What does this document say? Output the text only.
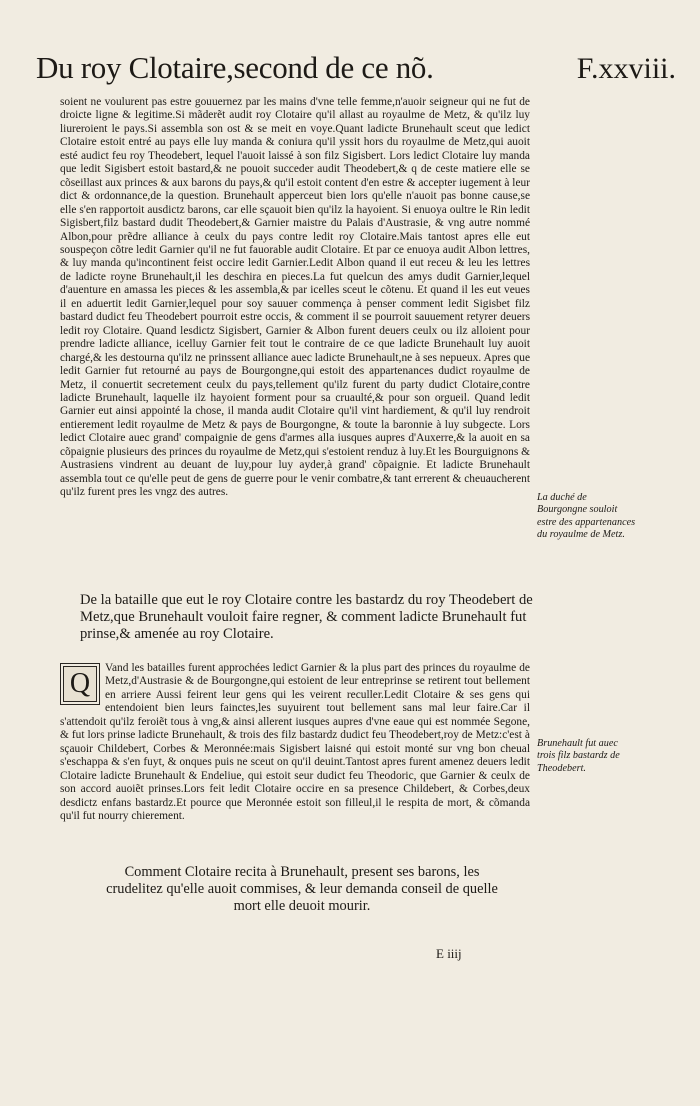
Du roy Clotaire,second de ce nõ.	F.xxviii.

soient ne voulurent pas estre gouuernez par les mains d'vne telle femme,n'auoir seigneur qui ne fut de droicte ligne & legitime.Si mãderẽt audit roy Clotaire qu'il allast au royaulme de Metz, & qu'ilz luy liureroient le pays.Si assembla son ost & se meit en voye.Quant ladicte Brunehault sceut que ledict Clotaire estoit entré au pays elle luy manda & coniura qu'il yssit hors du royaulme de Metz,qui auoit esté audict feu roy Theodebert, lequel l'auoit laissé à son filz Sigisbert. Lors ledict Clotaire luy manda que ledit Sigisbert estoit bastard,& ne pouoit succeder audit Theodebert,& q de ceste matiere elle se cõseillast aux princes & aux barons du pays,& qu'il estoit content d'en estre & accepter iugement à leur dict & ordonnance,de la question. Brunehault apperceut bien lors qu'elle n'auoit pas bonne cause,se elle s'en rapportoit ausdictz barons, car elle sçauoit bien qu'ilz la hayoient. Si enuoya oultre le Rin ledit Sigisbert,filz bastard dudit Theodebert,& Garnier maistre du Palais d'Austrasie, & vng autre nommé Albon,pour prẽdre alliance à ceulx du pays contre ledit roy Clotaire.Mais tantost apres elle eut souspeçon cõtre ledit Garnier qu'il ne fut fauorable audit Clotaire. Et par ce enuoya audit Albon lettres, & luy manda qu'incontinent feist occire ledit Garnier.Ledit Albon quand il eut receu & leu les lettres de ladicte royne Brunehault,il les deschira en pieces.La fut quelcun des amys dudit Garnier,lequel d'auenture en amassa les pieces & les assembla,& par icelles sceut le cõtenu. Et quand il les eut veues il en aduertit ledit Garnier,lequel pour soy sauuer commença à penser comment ledit Sigisbet filz bastard dudict feu Theodebert pourroit estre occis, & comment il se pourroit sauuement retyrer deuers ledit roy Clotaire. Quand lesdictz Sigisbert, Garnier & Albon furent deuers ceulx ou ilz alloient pour prendre ladicte alliance, icelluy Garnier feit tout le contraire de ce que ladicte Brunehault luy auoit chargé,& les destourna qu'ilz ne prinssent alliance auec ladicte Brunehault,ne à ses nepueux. Apres que ledit Garnier fut retourné au pays de Bourgongne,qui estoit des appartenances dudict royaulme de Metz, il conuertit secretement ceulx du pays,tellement qu'ilz furent du party dudict Clotaire,contre ladicte Brunehault, laquelle ilz hayoient forment pour sa cruaulté,& pour son orgueil. Quand ledit Garnier eut ainsi appointé la chose, il manda audit Clotaire qu'il vint hardiement, & qu'il luy rendroit entierement ledit royaulme de Metz & pays de Bourgongne, & toute la baronnie à luy subgecte. Lors ledict Clotaire auec grand' compaignie de gens d'armes alla iusques aupres d'Auxerre,& la auoit en sa cõpaignie plusieurs des princes du royaulme de Metz,qui s'estoient renduz à luy.Et les Bourguignons & Austrasiens vindrent au deuant de luy,pour luy ayder,à grand' cõpaignie. Et ladicte Brunehault assembla tout ce qu'elle peut de gens de guerre pour le venir combatre,& tant errerent & cheuaucherent qu'ilz furent pres les vngz des autres.	La duché de Bourgongne souloit estre des appartenances du royaulme de Metz.

De la bataille que eut le roy Clotaire contre les bastardz du roy Theodebert de Metz,que Brunehault vouloit faire regner, & comment ladicte Brunehault fut prinse,& amenée au roy Clotaire.

Q	Vand les batailles furent approchées ledict Garnier & la plus part des princes du royaulme de Metz,d'Austrasie & de Bourgongne,qui estoient de leur entreprinse se retirent tout bellement en arriere Aussi feirent leur gens qui les veirent reculler.Ledit Clotaire & ses gens qui entendoient bien leurs fainctes,les suyuirent tout bellement sans mal leur faire.Car il s'attendoit qu'ilz feroiẽt tous à vng,& ainsi allerent iusques aupres d'vne eaue qui est nommée Segone, & fut lors prinse ladicte Brunehault, & trois des filz bastardz dudict feu Theodebert,roy de Metz:c'est à sçauoir Childebert, Corbes & Meronnée:mais Sigisbert laisné qui estoit monté sur vng bon cheual s'eschappa & s'en fuyt, & onques puis ne sceut on qu'il deuint.Tantost apres furent amenez deuers ledit Clotaire ladicte Brunehault & Endeliue, qui estoit seur dudict feu Theodoric, que Garnier & ceulx de son accord auoiẽt prinses.Lors feit ledit Clotaire occire en sa presence Childebert, & Corbes,deux desdictz enfans bastardz.Et pource que Meronnée estoit son filleul,il le respita de mort, & cõmanda qu'il fut nourry chierement.

Brunehault fut auec trois filz bastardz de Theodebert.

Comment Clotaire recita à Brunehault, present ses barons, les crudelitez qu'elle auoit commises, & leur demanda conseil de quelle mort elle deuoit mourir.

E iiij
